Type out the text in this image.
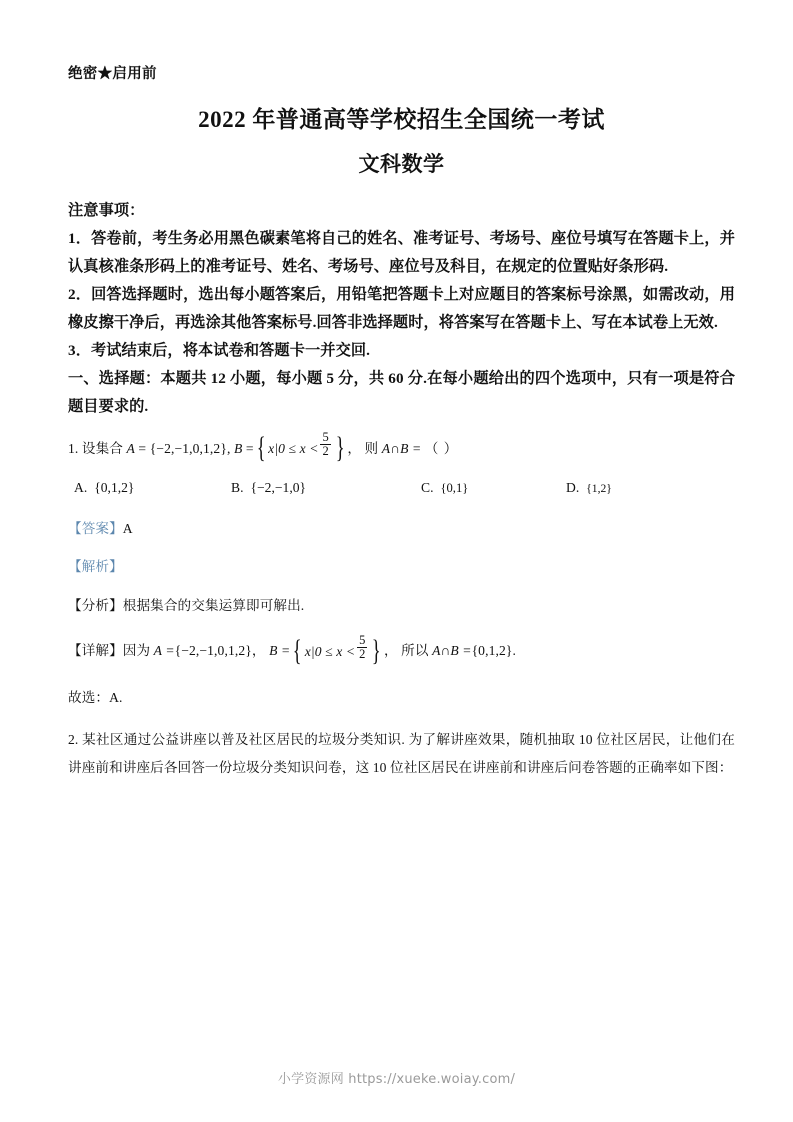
绝密★启用前
2022 年普通高等学校招生全国统一考试
文科数学

注意事项：

1．答卷前，考生务必用黑色碳素笔将自己的姓名、准考证号、考场号、座位号填写在答题卡上，并认真核准条形码上的准考证号、姓名、考场号、座位号及科目，在规定的位置贴好条形码.

2．回答选择题时，选出每小题答案后，用铅笔把答题卡上对应题目的答案标号涂黑，如需改动，用橡皮擦干净后，再选涂其他答案标号.回答非选择题时，将答案写在答题卡上、写在本试卷上无效.

3．考试结束后，将本试卷和答题卡一并交回.

一、选择题：本题共 12 小题，每小题 5 分，共 60 分.在每小题给出的四个选项中，只有一项是符合题目要求的.
1. 设集合 A = {−2,−1,0,1,2}, B = { $x|0 \le x < \frac{5}{2}$ } ， 则 A∩B = （ ）
A. {0,1,2}	B. {−2,−1,0}	C. {0,1}	D. {1,2}
【答案】A
【解析】
【分析】根据集合的交集运算即可解出.
【详解】因为 A ={−2,−1,0,1,2}， B = { $x|0 \le x < \frac{5}{2}$ } ， 所以 A∩B ={0,1,2}.
故选：A.
2. 某社区通过公益讲座以普及社区居民的垃圾分类知识. 为了解讲座效果，随机抽取 10 位社区居民，让他们在讲座前和讲座后各回答一份垃圾分类知识问卷，这 10 位社区居民在讲座前和讲座后问卷答题的正确率如下图：
小学资源网 https://xueke.woiay.com/
